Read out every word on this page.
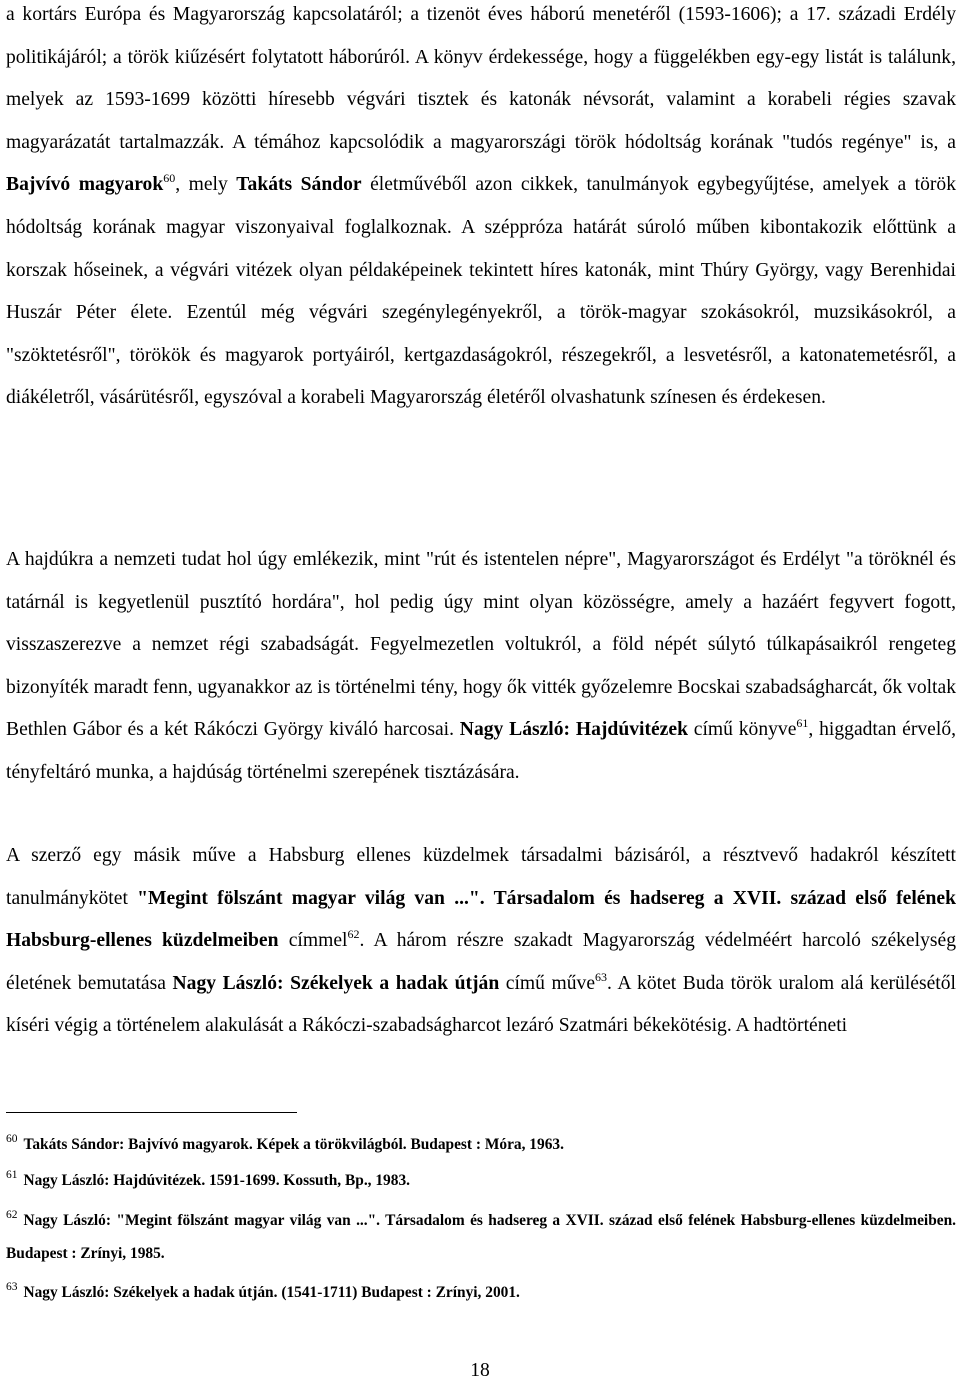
a kortárs Európa és Magyarország kapcsolatáról; a tizenöt éves háború menetéről (1593-1606); a 17. századi Erdély politikájáról; a török kiűzésért folytatott háborúról. A könyv érdekessége, hogy a függelékben egy-egy listát is találunk, melyek az 1593-1699 közötti híresebb végvári tisztek és katonák névsorát, valamint a korabeli régies szavak magyarázatát tartalmazzák. A témához kapcsolódik a magyarországi török hódoltság korának "tudós regénye" is, a Bajvívó magyarok$^{60}$, mely Takáts Sándor életművéből azon cikkek, tanulmányok egybegyűjtése, amelyek a török hódoltság korának magyar viszonyaival foglalkoznak. A széppróza határát súroló műben kibontakozik előttünk a korszak hőseinek, a végvári vitézek olyan példaképeinek tekintett híres katonák, mint Thúry György, vagy Berenhidai Huszár Péter élete. Ezentúl még végvári szegénylegényekről, a török-magyar szokásokról, muzsikásokról, a "szöktetésről", törökök és magyarok portyáiról, kertgazdaságokról, részegekről, a lesvetésről, a katonatemetésről, a diákéletről, vásárütésről, egyszóval a korabeli Magyarország életéről olvashatunk színesen és érdekesen.

A hajdúkra a nemzeti tudat hol úgy emlékezik, mint "rút és istentelen népre", Magyarországot és Erdélyt "a töröknél és tatárnál is kegyetlenül pusztító hordára", hol pedig úgy mint olyan közösségre, amely a hazáért fegyvert fogott, visszaszerezve a nemzet régi szabadságát. Fegyelmezetlen voltukról, a föld népét súlytó túlkapásaikról rengeteg bizonyíték maradt fenn, ugyanakkor az is történelmi tény, hogy ők vitték győzelemre Bocskai szabadságharcát, ők voltak Bethlen Gábor és a két Rákóczi György kiváló harcosai. Nagy László: Hajdúvitézek című könyve$^{61}$, higgadtan érvelő, tényfeltáró munka, a hajdúság történelmi szerepének tisztázására.

A szerző egy másik műve a Habsburg ellenes küzdelmek társadalmi bázisáról, a résztvevő hadakról készített tanulmánykötet "Megint fölszánt magyar világ van ...". Társadalom és hadsereg a XVII. század első felének Habsburg-ellenes küzdelmeiben címmel$^{62}$. A három részre szakadt Magyarország védelméért harcoló székelység életének bemutatása Nagy László: Székelyek a hadak útján című műve$^{63}$. A kötet Buda török uralom alá kerülésétől kíséri végig a történelem alakulását a Rákóczi-szabadságharcot lezáró Szatmári békekötésig. A hadtörténeti

$^{60}$ Takáts Sándor: Bajvívó magyarok. Képek a törökvilágból. Budapest : Móra, 1963.

$^{61}$ Nagy László: Hajdúvitézek. 1591-1699. Kossuth, Bp., 1983.

$^{62}$ Nagy László: "Megint fölszánt magyar világ van ...". Társadalom és hadsereg a XVII. század első felének Habsburg-ellenes küzdelmeiben. Budapest : Zrínyi, 1985.

$^{63}$ Nagy László: Székelyek a hadak útján. (1541-1711) Budapest : Zrínyi, 2001.

18
